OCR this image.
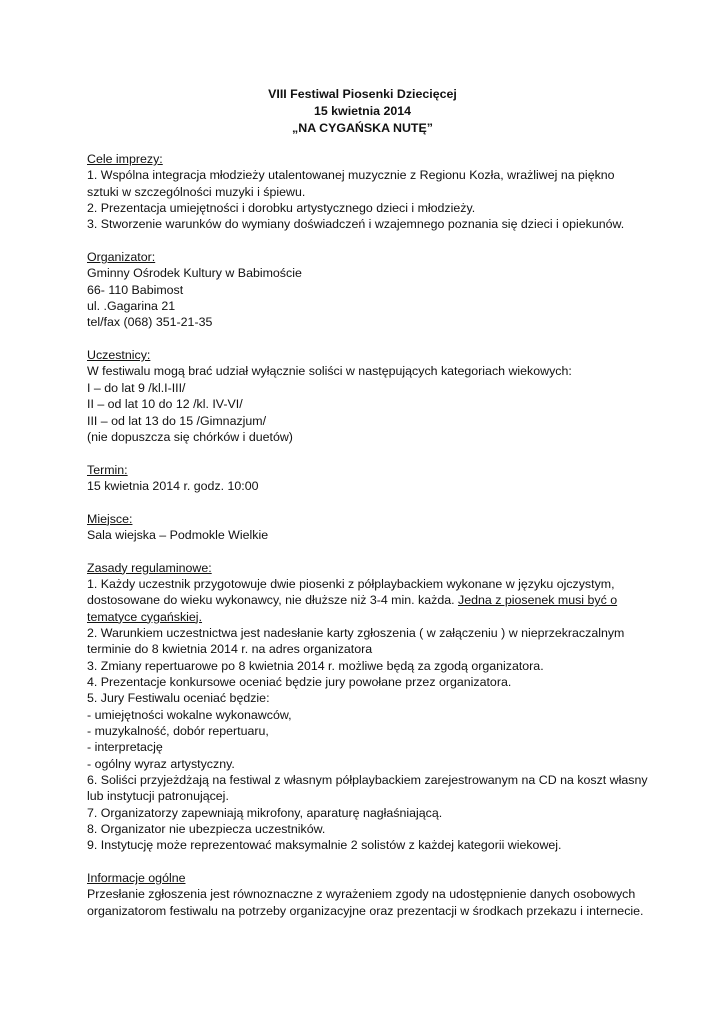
VIII Festiwal Piosenki Dziecięcej
15 kwietnia 2014
„NA CYGAŃSKA NUTĘ”
Cele imprezy:
1. Wspólna integracja młodzieży utalentowanej muzycznie z Regionu Kozła, wrażliwej na piękno
sztuki w szczególności muzyki i śpiewu.
2. Prezentacja umiejętności i dorobku artystycznego dzieci i młodzieży.
3. Stworzenie warunków do wymiany doświadczeń i wzajemnego poznania się dzieci i opiekunów.
Organizator:
Gminny Ośrodek Kultury w Babimoście
66- 110 Babimost
ul. .Gagarina 21
tel/fax (068) 351-21-35
Uczestnicy:
W festiwalu mogą brać udział wyłącznie soliści w następujących kategoriach wiekowych:
I – do lat 9 /kl.I-III/
II – od lat 10 do 12 /kl. IV-VI/
III – od lat 13 do 15 /Gimnazjum/
(nie dopuszcza się chórków i duetów)
Termin:
15 kwietnia 2014 r. godz. 10:00
Miejsce:
Sala wiejska – Podmokle Wielkie
Zasady regulaminowe:
1. Każdy uczestnik przygotowuje dwie piosenki z półplaybackiem wykonane w języku ojczystym,
dostosowane do wieku wykonawcy, nie dłuższe niż 3-4 min. każda. Jedna z piosenek musi być o
tematyce cygańskiej.
2. Warunkiem uczestnictwa jest nadesłanie karty zgłoszenia ( w załączeniu ) w nieprzekraczalnym
terminie do 8 kwietnia 2014 r. na adres organizatora
3. Zmiany repertuarowe po 8 kwietnia 2014 r. możliwe będą za zgodą organizatora.
4. Prezentacje konkursowe oceniać będzie jury powołane przez organizatora.
5. Jury Festiwalu oceniać będzie:
- umiejętności wokalne wykonawców,
- muzykalność, dobór repertuaru,
- interpretację
- ogólny wyraz artystyczny.
6. Soliści przyjeżdżają na festiwal z własnym półplaybackiem zarejestrowanym na CD na koszt własny
lub instytucji patronującej.
7. Organizatorzy zapewniają mikrofony, aparaturę nagłaśniającą.
8. Organizator nie ubezpiecza uczestników.
9. Instytucję może reprezentować maksymalnie 2 solistów z każdej kategorii wiekowej.
Informacje ogólne
Przesłanie zgłoszenia jest równoznaczne z wyrażeniem zgody na udostępnienie danych osobowych
organizatorom festiwalu na potrzeby organizacyjne oraz prezentacji w środkach przekazu i internecie.
